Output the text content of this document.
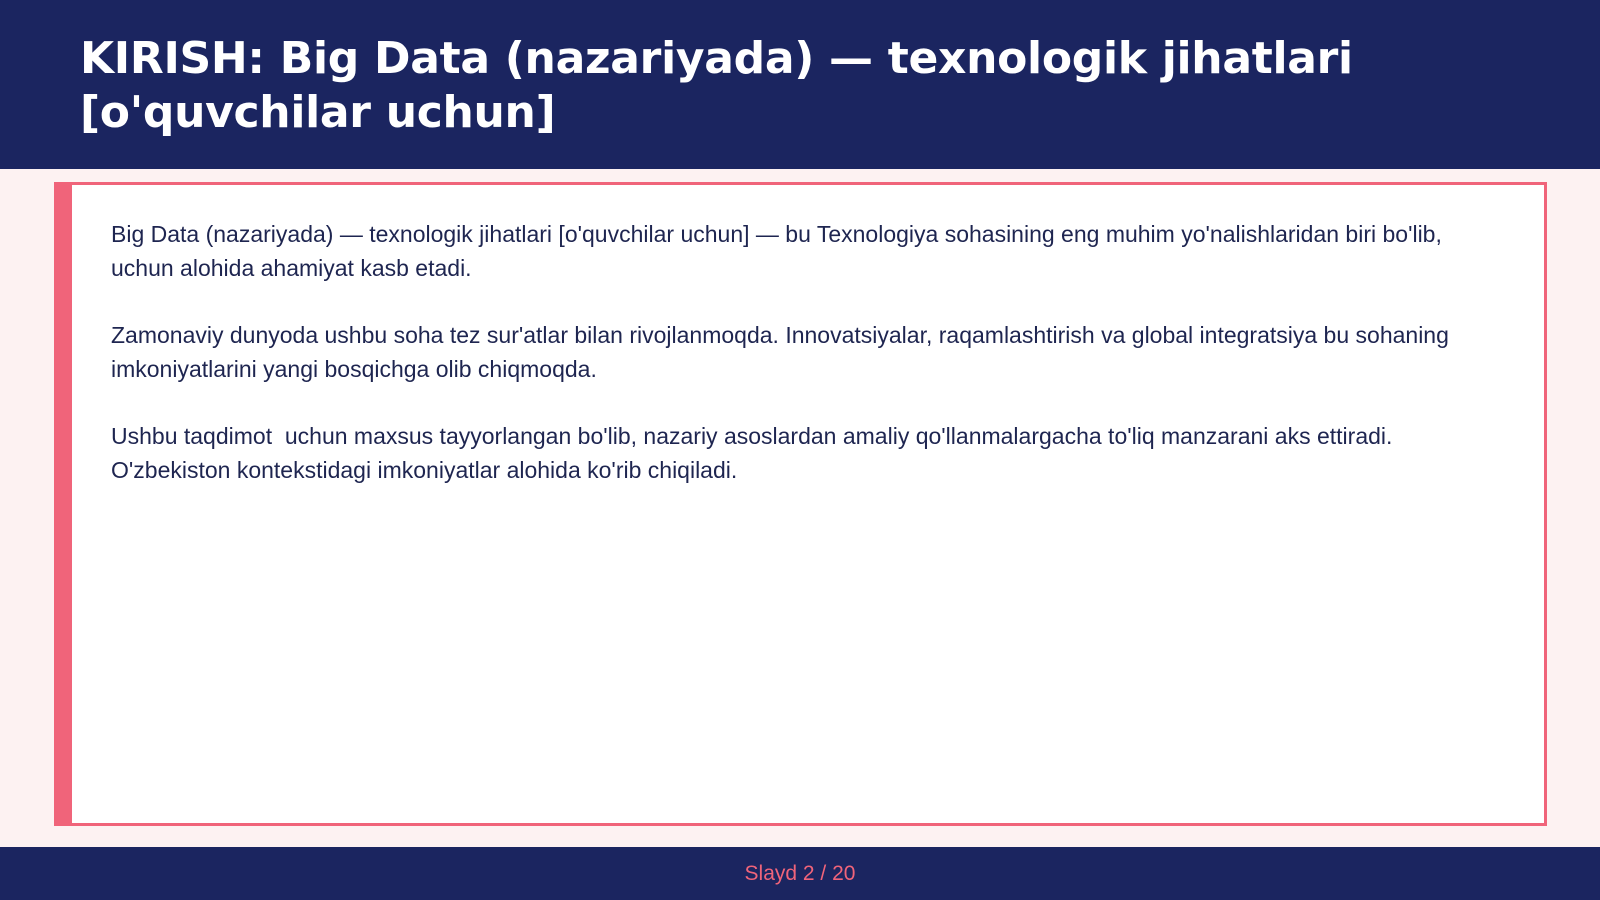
KIRISH: Big Data (nazariyada) — texnologik jihatlari [o'quvchilar uchun]

Big Data (nazariyada) — texnologik jihatlari [o'quvchilar uchun] — bu Texnologiya sohasining eng muhim yo'nalishlaridan biri bo'lib,  uchun alohida ahamiyat kasb etadi.

Zamonaviy dunyoda ushbu soha tez sur'atlar bilan rivojlanmoqda. Innovatsiyalar, raqamlashtirish va global integratsiya bu sohaning imkoniyatlarini yangi bosqichga olib chiqmoqda.

Ushbu taqdimot  uchun maxsus tayyorlangan bo'lib, nazariy asoslardan amaliy qo'llanmalargacha to'liq manzarani aks ettiradi. O'zbekiston kontekstidagi imkoniyatlar alohida ko'rib chiqiladi.

Slayd 2 / 20
